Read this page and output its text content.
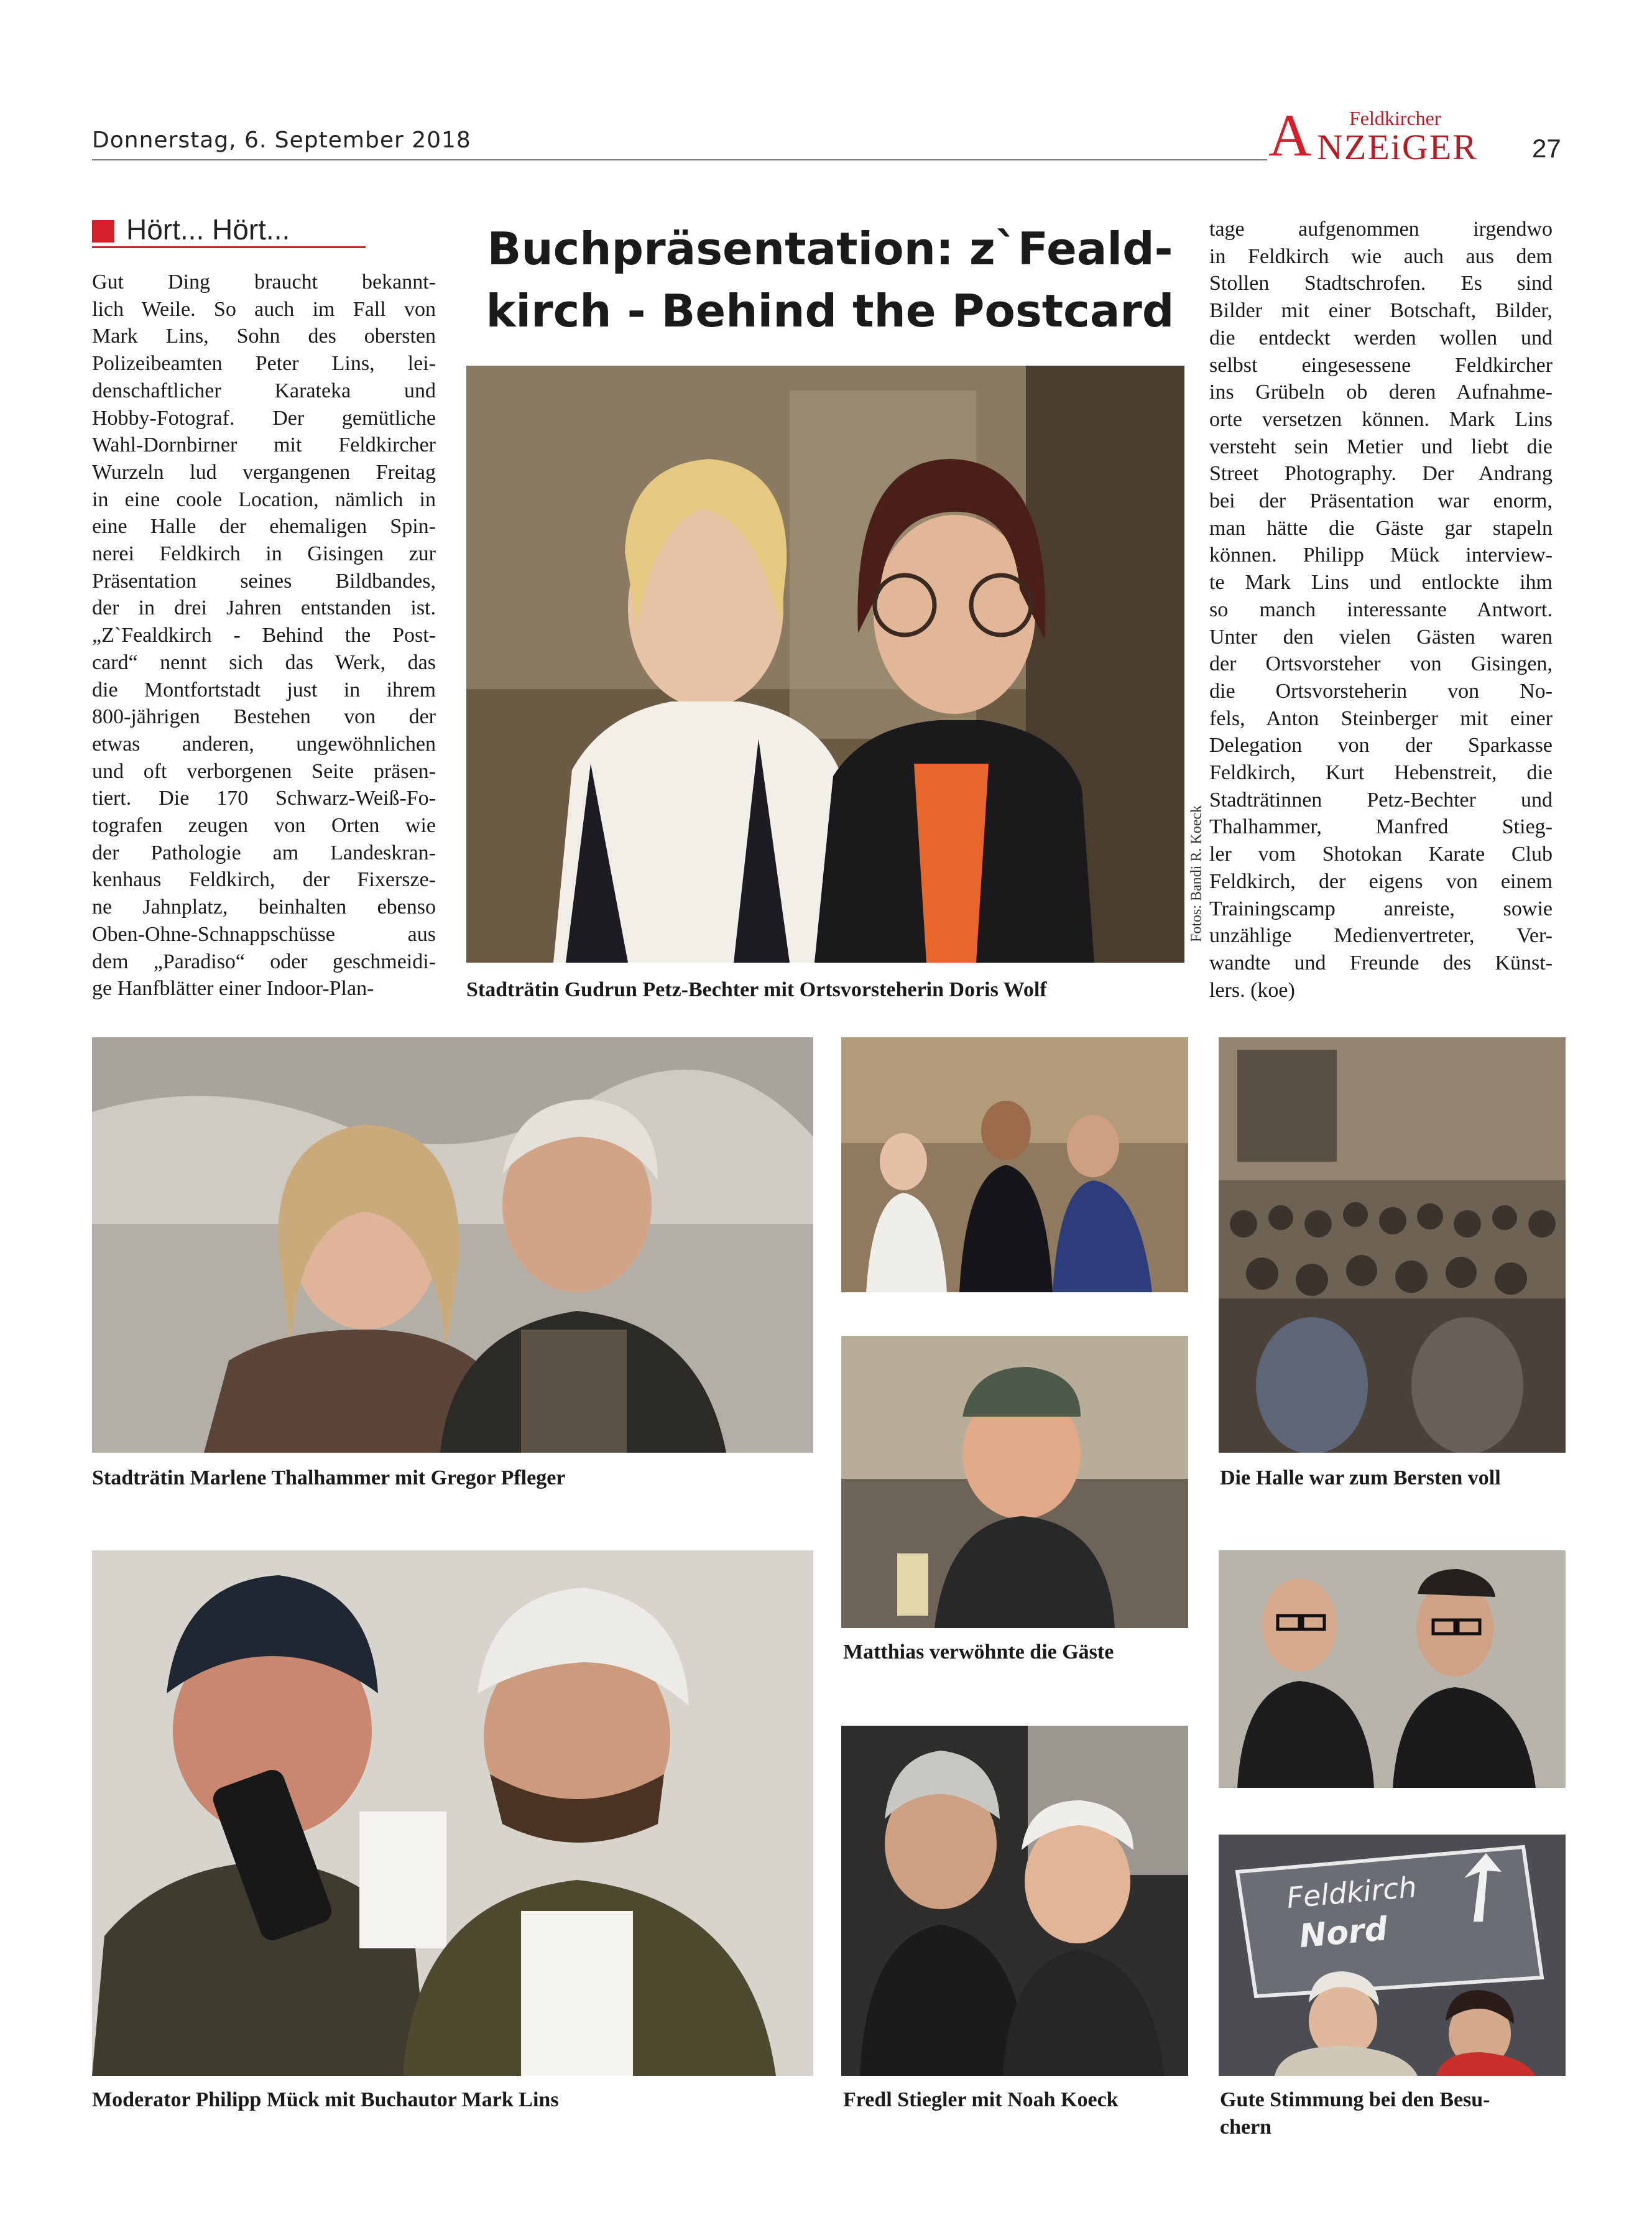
Donnerstag, 6. September 2018	A Feldkircher
NZEiGER 27
Hört... Hört...
Gut Ding braucht bekannt-
lich Weile. So auch im Fall von
Mark Lins, Sohn des obersten
Polizeibeamten Peter Lins, lei-
denschaftlicher Karateka und
Hobby-Fotograf. Der gemütliche
Wahl-Dornbirner mit Feldkircher
Wurzeln lud vergangenen Freitag
in eine coole Location, nämlich in
eine Halle der ehemaligen Spin-
nerei Feldkirch in Gisingen zur
Präsentation seines Bildbandes,
der in drei Jahren entstanden ist.
„Z`Fealdkirch - Behind the Post-
card“ nennt sich das Werk, das
die Montfortstadt just in ihrem
800-jährigen Bestehen von der
etwas anderen, ungewöhnlichen
und oft verborgenen Seite präsen-
tiert. Die 170 Schwarz-Weiß-Fo-
tografen zeugen von Orten wie
der Pathologie am Landeskran-
kenhaus Feldkirch, der Fixersze-
ne Jahnplatz, beinhalten ebenso
Oben-Ohne-Schnappschüsse aus
dem „Paradiso“ oder geschmeidi-
ge Hanfblätter einer Indoor-Plan-
Buchpräsentation: z`Feald-
kirch - Behind the Postcard
Fotos: Bandi R. Koeck
Stadträtin Gudrun Petz-Bechter mit Ortsvorsteherin Doris Wolf
tage aufgenommen irgendwo
in Feldkirch wie auch aus dem
Stollen Stadtschrofen. Es sind
Bilder mit einer Botschaft, Bilder,
die entdeckt werden wollen und
selbst eingesessene Feldkircher
ins Grübeln ob deren Aufnahme-
orte versetzen können. Mark Lins
versteht sein Metier und liebt die
Street Photography. Der Andrang
bei der Präsentation war enorm,
man hätte die Gäste gar stapeln
können. Philipp Mück interview-
te Mark Lins und entlockte ihm
so manch interessante Antwort.
Unter den vielen Gästen waren
der Ortsvorsteher von Gisingen,
die Ortsvorsteherin von No-
fels, Anton Steinberger mit einer
Delegation von der Sparkasse
Feldkirch, Kurt Hebenstreit, die
Stadträtinnen Petz-Bechter und
Thalhammer, Manfred Stieg-
ler vom Shotokan Karate Club
Feldkirch, der eigens von einem
Trainingscamp anreiste, sowie
unzählige Medienvertreter, Ver-
wandte und Freunde des Künst-
lers. (koe)
Stadträtin Marlene Thalhammer mit Gregor Pfleger
Moderator Philipp Mück mit Buchautor Mark Lins
Matthias verwöhnte die Gäste
Fredl Stiegler mit Noah Koeck
Die Halle war zum Bersten voll
Feldkirch
Nord
Gute Stimmung bei den Besu-
chern
